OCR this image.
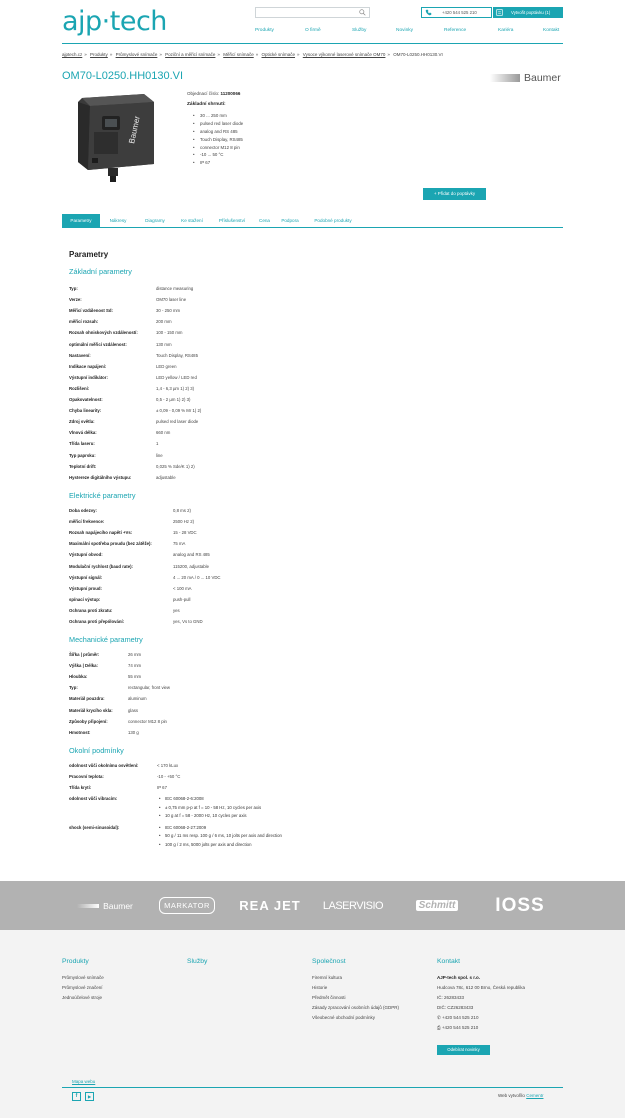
ajp·tech	+420 544 525 210	Vytvořit poptávku (1)
Produkty	O firmě	Služby	Novinky	Reference	Kariéra	Kontakt
ajptech.cz » Produkty » Průmyslové snímače » Poziční a měřicí snímače » Měřicí snímače » Optické snímače » Vysoce výkonné laserové snímače OM70 » OM70-L0250.HH0130.VI
OM70-L0250.HH0130.VI	Baumer
Baumer
Objednací číslo: 11200066
Základní shrnutí:
• 30 ... 250 mm
• pulsed red laser diode
• analog and RS 485
• Touch Display, RS485
• connector M12 8 pin
• -10 ... 50 °C
• IP 67
+ Přidat do poptávky
Parametry	Nákresy	Diagramy	Ke stažení	Příslušenství	Cena	Podpora	Podobné produkty
Parametry
Základní parametry
Typ:	distance measuring
Verze:	OM70 laser line
Měřicí vzdálenost Sd:	30 - 250 mm
měřicí rozsah:	200 mm
Rozsah ohniskových vzdáleností:	100 - 150 mm
optimální měřicí vzdálenost:	130 mm
Nastavení:	Touch Display, RS485
Indikace napájení:	LED green
Výstupní indikátor:	LED yellow / LED red
Rozlišení:	1,4 - 6,3 µm 1) 2) 3)
Opakovatelnost:	0,5 - 2 µm 1) 2) 3)
Chyba linearity:	± 0,09 - 0,09 % Mr 1) 2)
Zdroj světla:	pulsed red laser diode
Vlnová délka:	660 nm
Třída laseru:	1
Typ paprsku:	line
Teplotní drift:	0,025 % Sde/K 1) 2)
Hystereze digitálního výstupu:	adjustable
Elektrické parametry
Doba odezvy:	0,8 ms 2)
měřicí frekvence:	2500 Hz 2)
Rozsah napájecího napětí +Vs:	15 - 28 VDC
Maximální spotřeba proudu (bez zátěže):	75 mA
Výstupní obvod:	analog and RS 485
Modulační rychlost (baud rate):	115200, adjustable
Výstupní signál:	4 ... 20 mA / 0 ... 10 VDC
Výstupní proud:	< 100 mA
spínací výstup:	push-pull
Ochrana proti zkratu:	yes
Ochrana proti přepólování:	yes, Vs to GND
Mechanické parametry
Šířka | průměr:	26 mm
Výška | Délka:	74 mm
Hloubka:	55 mm
Typ:	rectangular, front view
Materiál pouzdra:	aluminum
Materiál krycího skla:	glass
Způsoby připojení:	connector M12 8 pin
Hmotnost:	130 g
Okolní podmínky
odolnost vůči okolnímu osvětlení:	< 170 kLux
Pracovní teplota:	-10 - +50 °C
Třída krytí:	IP 67
odolnost vůči vibracím:	• IEC 60068-2-6:2008
• ± 0,75 mm p-p at f = 10 - 58 Hz, 10 cycles per axis
• 10 g at f = 58 - 2000 Hz, 10 cycles per axis
shock (semi-sinusoidal):	• IEC 60068-2-27:2009
• 50 g / 11 ms resp. 100 g / 6 ms, 10 jolts per axis and direction
• 100 g / 2 ms, 5000 jolts per axis and direction
Baumer	MARKATOR	REA JET LASERVISIO	Schmitt IOSS
Produkty
Průmyslové snímače
Průmyslové značení
Jednoúčelové stroje
Služby	Společnost
Firemní kultura
Historie
Předmět činnosti
Zásady zpracování osobních údajů (GDPR)
Všeobecné obchodní podmínky
Kontakt
AJP-tech spol. s r.o.
Hudcova 78c, 612 00 Brno, Česká republika
IČ: 26283433
DIČ: CZ26283433
✆ +420 544 525 210
⎙ +420 544 525 210
Odebírat novinky
Mapa webu
f	▶	Web vytvořilo Cementr
